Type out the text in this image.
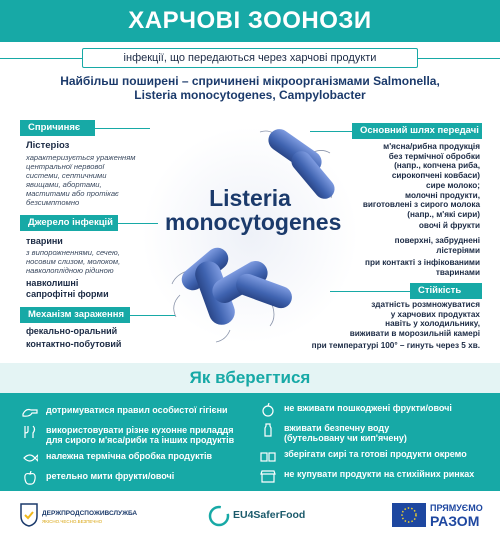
ХАРЧОВІ ЗООНОЗИ
інфекції, що передаються через харчові продукти
Найбільш поширені – спричинені мікроорганізмами Salmonella,
Listeria monocytogenes, Campylobacter
Listeria
monocytogenes
Спричиняє
Лістеріоз
характеризується ураженням
центральної нервової
системи, септичними
явищами, абортами,
маститами або протікає
безсимптомно
Джерело інфекцій
тварини
з випорожненнями, сечею,
носовим слизом, молоком,
навколоплідною рідиною
навколишні
сапрофітні форми
Механізм зараження
фекально-оральний
контактно-побутовий
Основний шлях передачі
м'ясна/рибна продукція
без термічної обробки
(напр., копчена риба,
сирокопчені ковбаси)
сире молоко;
молочні продукти,
виготовлені з сирого молока
(напр., м'які сири)
овочі й фрукти
поверхні, забруднені
лістеріями
при контакті з інфікованими
тваринами
Стійкість
здатність розмножуватися
у харчових продуктах
навіть у холодильнику,
виживати в морозильній камері
при температурі 100° – гинуть через 5 хв.
Як вберегтися
дотримуватися правил особистої гігієни
використовувати різне кухонне приладдя
для сирого м'яса/риби та інших продуктів
належна термічна обробка продуктів
ретельно мити фрукти/овочі
не вживати пошкоджені фрукти/овочі
вживати безпечну воду
(бутельовану чи кип'ячену)
зберігати сирі та готові продукти окремо
не купувати продукти на стихійних ринках
ДЕРЖПРОДСПОЖИВСЛУЖБА
ЯКІСНО.ЧЕСНО.БЕЗПЕЧНО
EU4SaferFood
ПРЯМУЄМО
РАЗОМ
